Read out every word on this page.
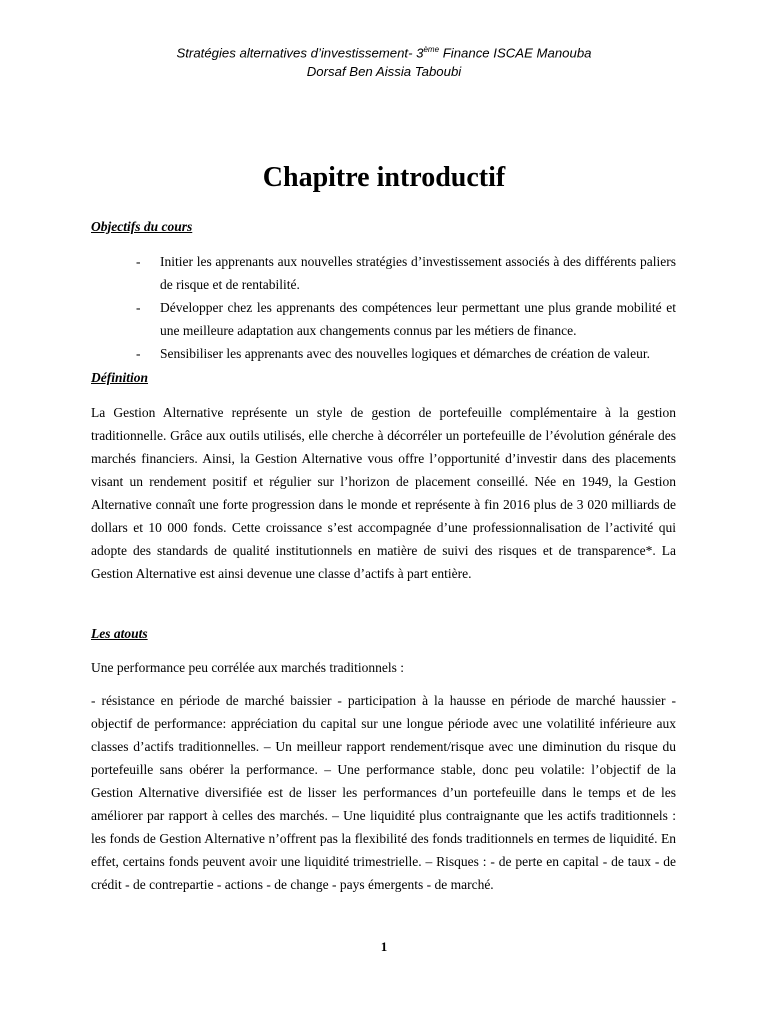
Stratégies alternatives d’investissement- 3ème Finance ISCAE Manouba
Dorsaf Ben Aissia Taboubi
Chapitre introductif
Objectifs du cours
- Initier les apprenants aux nouvelles stratégies d’investissement associés à des différents paliers de risque et de rentabilité.
- Développer chez les apprenants des compétences leur permettant une plus grande mobilité et une meilleure adaptation aux changements connus par les métiers de finance.
- Sensibiliser les apprenants avec des nouvelles logiques et démarches de création de valeur.
Définition

La Gestion Alternative représente un style de gestion de portefeuille complémentaire à la gestion traditionnelle. Grâce aux outils utilisés, elle cherche à décorréler un portefeuille de l’évolution générale des marchés financiers. Ainsi, la Gestion Alternative vous offre l’opportunité d’investir dans des placements visant un rendement positif et régulier sur l’horizon de placement conseillé. Née en 1949, la Gestion Alternative connaît une forte progression dans le monde et représente à fin 2016 plus de 3 020 milliards de dollars et 10 000 fonds. Cette croissance s’est accompagnée d’une professionnalisation de l’activité qui adopte des standards de qualité institutionnels en matière de suivi des risques et de transparence*. La Gestion Alternative est ainsi devenue une classe d’actifs à part entière.

Les atouts

Une performance peu corrélée aux marchés traditionnels :

- résistance en période de marché baissier - participation à la hausse en période de marché haussier - objectif de performance: appréciation du capital sur une longue période avec une volatilité inférieure aux classes d’actifs traditionnelles. – Un meilleur rapport rendement/risque avec une diminution du risque du portefeuille sans obérer la performance. – Une performance stable, donc peu volatile: l’objectif de la Gestion Alternative diversifiée est de lisser les performances d’un portefeuille dans le temps et de les améliorer par rapport à celles des marchés. – Une liquidité plus contraignante que les actifs traditionnels : les fonds de Gestion Alternative n’offrent pas la flexibilité des fonds traditionnels en termes de liquidité. En effet, certains fonds peuvent avoir une liquidité trimestrielle. – Risques : - de perte en capital - de taux - de crédit - de contrepartie - actions - de change - pays émergents - de marché.

1
